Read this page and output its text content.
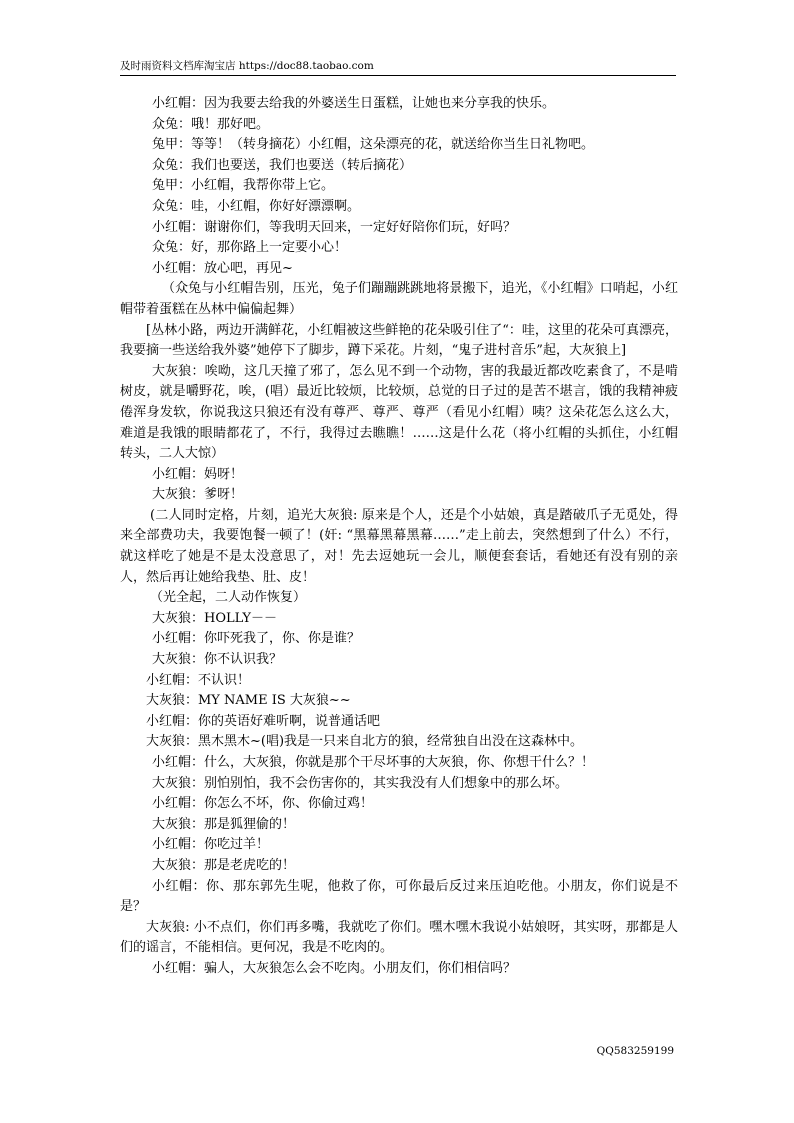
及时雨资料文档库淘宝店 https://doc88.taobao.com

小红帽：因为我要去给我的外婆送生日蛋糕，让她也来分享我的快乐。

众兔：哦！那好吧。

兔甲：等等！（转身摘花）小红帽，这朵漂亮的花，就送给你当生日礼物吧。

众兔：我们也要送，我们也要送（转后摘花）

兔甲：小红帽，我帮你带上它。

众兔：哇，小红帽，你好好漂漂啊。

小红帽：谢谢你们，等我明天回来，一定好好陪你们玩，好吗？

众兔：好，那你路上一定要小心！

小红帽：放心吧，再见~

（众兔与小红帽告别，压光，兔子们蹦蹦跳跳地将景搬下，追光，《小红帽》口哨起，小红帽带着蛋糕在丛林中偏偏起舞）

[丛林小路，两边开满鲜花，小红帽被这些鲜艳的花朵吸引住了“：哇，这里的花朵可真漂亮，我要摘一些送给我外婆”她停下了脚步，蹲下采花。片刻，“鬼子进村音乐”起，大灰狼上]

大灰狼：唉呦，这几天撞了邪了，怎么见不到一个动物，害的我最近都改吃素食了，不是啃树皮，就是嚼野花，唉，(唱）最近比较烦，比较烦，总觉的日子过的是苦不堪言，饿的我精神疲倦浑身发软，你说我这只狼还有没有尊严、尊严、尊严（看见小红帽）咦？这朵花怎么这么大，难道是我饿的眼睛都花了，不行，我得过去瞧瞧！……这是什么花（将小红帽的头抓住，小红帽转头，二人大惊）

小红帽：妈呀！

大灰狼：爹呀！

(二人同时定格，片刻，追光大灰狼: 原来是个人，还是个小姑娘，真是踏破爪子无觅处，得来全部费功夫，我要饱餐一顿了！(奸: “黑幕黑幕黑幕……”走上前去，突然想到了什么）不行，就这样吃了她是不是太没意思了，对！先去逗她玩一会儿，顺便套套话，看她还有没有别的亲人，然后再让她给我垫、肚、皮！

（光全起，二人动作恢复）

大灰狼：HOLLY－－

小红帽：你吓死我了，你、你是谁？

大灰狼：你不认识我？

小红帽：不认识！

大灰狼：MY NAME IS 大灰狼~~

小红帽：你的英语好难听啊，说普通话吧

大灰狼：黑木黑木~(唱)我是一只来自北方的狼，经常独自出没在这森林中。

小红帽：什么，大灰狼，你就是那个干尽坏事的大灰狼，你、你想干什么？！

大灰狼：别怕别怕，我不会伤害你的，其实我没有人们想象中的那么坏。

小红帽：你怎么不坏，你、你偷过鸡！

大灰狼：那是狐狸偷的！

小红帽：你吃过羊！

大灰狼：那是老虎吃的！

小红帽：你、那东郭先生呢，他救了你，可你最后反过来压迫吃他。小朋友，你们说是不是？

大灰狼: 小不点们，你们再多嘴，我就吃了你们。嘿木嘿木我说小姑娘呀，其实呀，那都是人们的谣言，不能相信。更何况，我是不吃肉的。

小红帽：骗人，大灰狼怎么会不吃肉。小朋友们，你们相信吗？

QQ583259199
